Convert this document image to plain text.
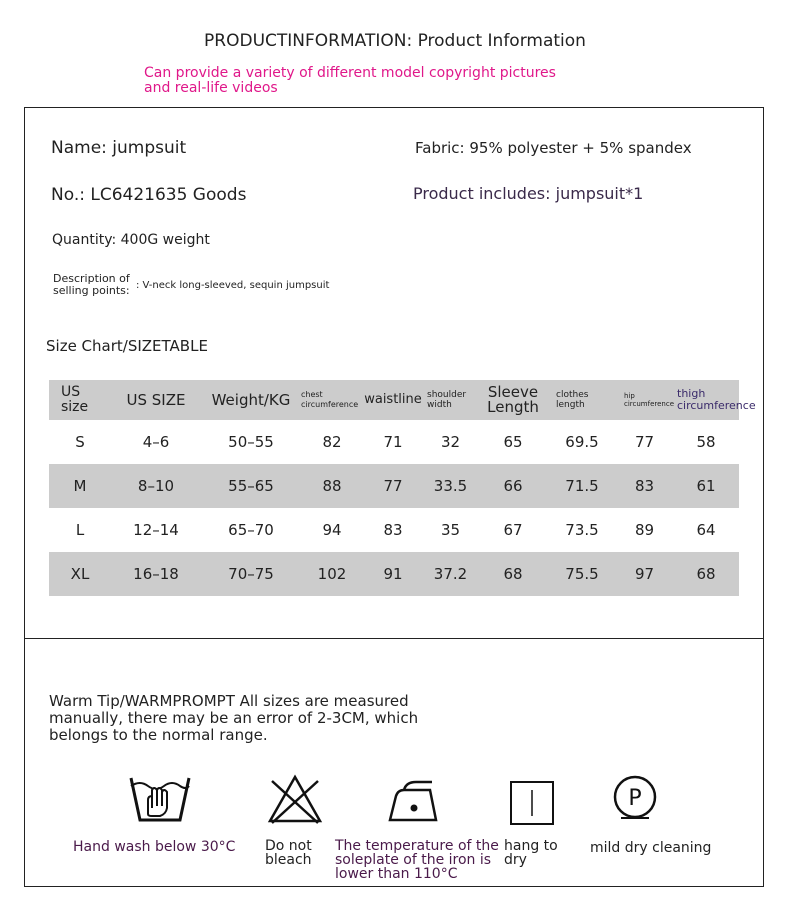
PRODUCTINFORMATION: Product Information
Can provide a variety of different model copyright pictures and real-life videos
Name: jumpsuit	Fabric: 95% polyester + 5% spandex
No.: LC6421635 Goods	Product includes: jumpsuit*1
Quantity: 400G weight
Description of selling points: : V-neck long-sleeved, sequin jumpsuit
Size Chart/SIZETABLE
US size	US SIZE	Weight/KG	chest circumference	waistline	shoulder width	Sleeve Length	clothes length	hip circumference	thigh circumference
S	4–6	50–55	82	71	32	65	69.5	77	58
M	8–10	55–65	88	77	33.5	66	71.5	83	61
L	12–14	65–70	94	83	35	67	73.5	89	64
XL	16–18	70–75	102	91	37.2	68	75.5	97	68
Warm Tip/WARMPROMPT All sizes are measured manually, there may be an error of 2-3CM, which belongs to the normal range.
P
Hand wash below 30°C Do not bleach
The temperature of the soleplate of the iron is lower than 110°C
hang to dry
mild dry cleaning
